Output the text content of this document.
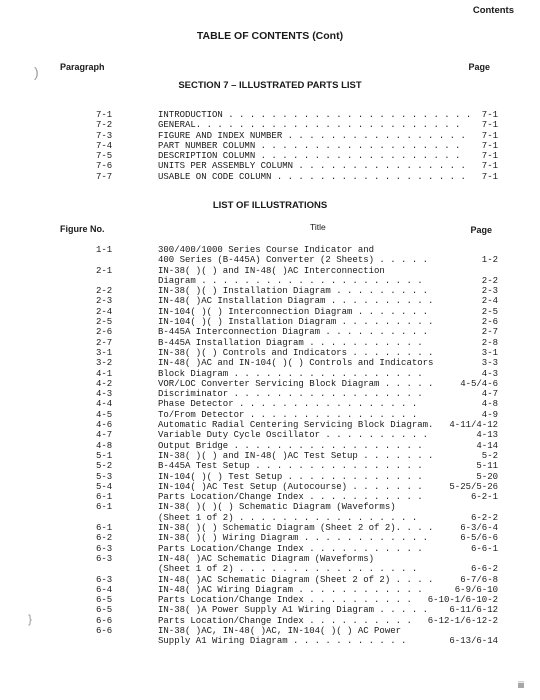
Contents
TABLE OF CONTENTS (Cont)
Paragraph	Page
SECTION 7 – ILLUSTRATED PARTS LIST
)
7-1	INTRODUCTION . . . . . . . . . . . . . . . . . . . . . . . 7-1
7-2	GENERAL. . . . . . . . . . . . . . . . . . . . . . . . . 7-1
7-3	FIGURE AND INDEX NUMBER . . . . . . . . . . . . . . . . . 7-1
7-4	PART NUMBER COLUMN . . . . . . . . . . . . . . . . . . . 7-1
7-5	DESCRIPTION COLUMN . . . . . . . . . . . . . . . . . . . 7-1
7-6	UNITS PER ASSEMBLY COLUMN . . . . . . . . . . . . . . . . 7-1
7-7	USABLE ON CODE COLUMN . . . . . . . . . . . . . . . . . . 7-1
LIST OF ILLUSTRATIONS
Figure No.	Title	Page
1-1	300/400/1000 Series Course Indicator and
400 Series (B-445A) Converter (2 Sheets) . . . . .	1-2
2-1	IN-38( )( ) and IN-48( )AC Interconnection
Diagram . . . . . . . . . . . . . . . . . . . . .	2-2
2-2	IN-38( )( ) Installation Diagram . . . . . . . . .	2-3
2-3	IN-48( )AC Installation Diagram . . . . . . . . . .	2-4
2-4	IN-104( )( ) Interconnection Diagram . . . . . . .	2-5
2-5	IN-104( )( ) Installation Diagram . . . . . . . . .	2-6
2-6	B-445A Interconnection Diagram . . . . . . . . . .	2-7
2-7	B-445A Installation Diagram . . . . . . . . . . .	2-8
3-1	IN-38( )( ) Controls and Indicators . . . . . . . .	3-1
3-2	IN-48( )AC and IN-104( )( ) Controls and Indicators	3-3
4-1	Block Diagram . . . . . . . . . . . . . . . . . .	4-3
4-2	VOR/LOC Converter Servicing Block Diagram . . . . .	4-5/4-6
4-3	Discriminator . . . . . . . . . . . . . . . . . .	4-7
4-4	Phase Detector . . . . . . . . . . . . . . . . .	4-8
4-5	To/From Detector . . . . . . . . . . . . . . . .	4-9
4-6	Automatic Radial Centering Servicing Block Diagram. 4-11/4-12
4-7	Variable Duty Cycle Oscillator . . . . . . . . . .	4-13
4-8	Output Bridge . . . . . . . . . . . . . . . . . .	4-14
5-1	IN-38( )( ) and IN-48( )AC Test Setup . . . . . . .	5-2
5-2	B-445A Test Setup . . . . . . . . . . . . . . . .	5-11
5-3	IN-104( )( ) Test Setup . . . . . . . . . . . . .	5-20
5-4	IN-104( )AC Test Setup (Autocourse) . . . . . . .	5-25/5-26
6-1	Parts Location/Change Index . . . . . . . . . . .	6-2-1
6-1	IN-38( )( )( ) Schematic Diagram (Waveforms)
(Sheet 1 of 2) . . . . . . . . . . . . . . . . .	6-2-2
6-1	IN-38( )( ) Schematic Diagram (Sheet 2 of 2). . . .	6-3/6-4
6-2	IN-38( )( ) Wiring Diagram . . . . . . . . . . . .	6-5/6-6
6-3	Parts Location/Change Index . . . . . . . . . . .	6-6-1
6-3	IN-48( )AC Schematic Diagram (Waveforms)
(Sheet 1 of 2) . . . . . . . . . . . . . . . . .	6-6-2
6-3	IN-48( )AC Schematic Diagram (Sheet 2 of 2) . . . .	6-7/6-8
6-4	IN-48( )AC Wiring Diagram . . . . . . . . . . . .	6-9/6-10
6-5	Parts Location/Change Index . . . . . . . . . . 6-10-1/6-10-2
6-5	IN-38( )A Power Supply A1 Wiring Diagram . . . . . 6-11/6-12
6-6	Parts Location/Change Index . . . . . . . . . . 6-12-1/6-12-2
6-6	IN-38( )AC, IN-48( )AC, IN-104( )( ) AC Power
Supply A1 Wiring Diagram . . . . . . . . . . .	6-13/6-14
}
iii
